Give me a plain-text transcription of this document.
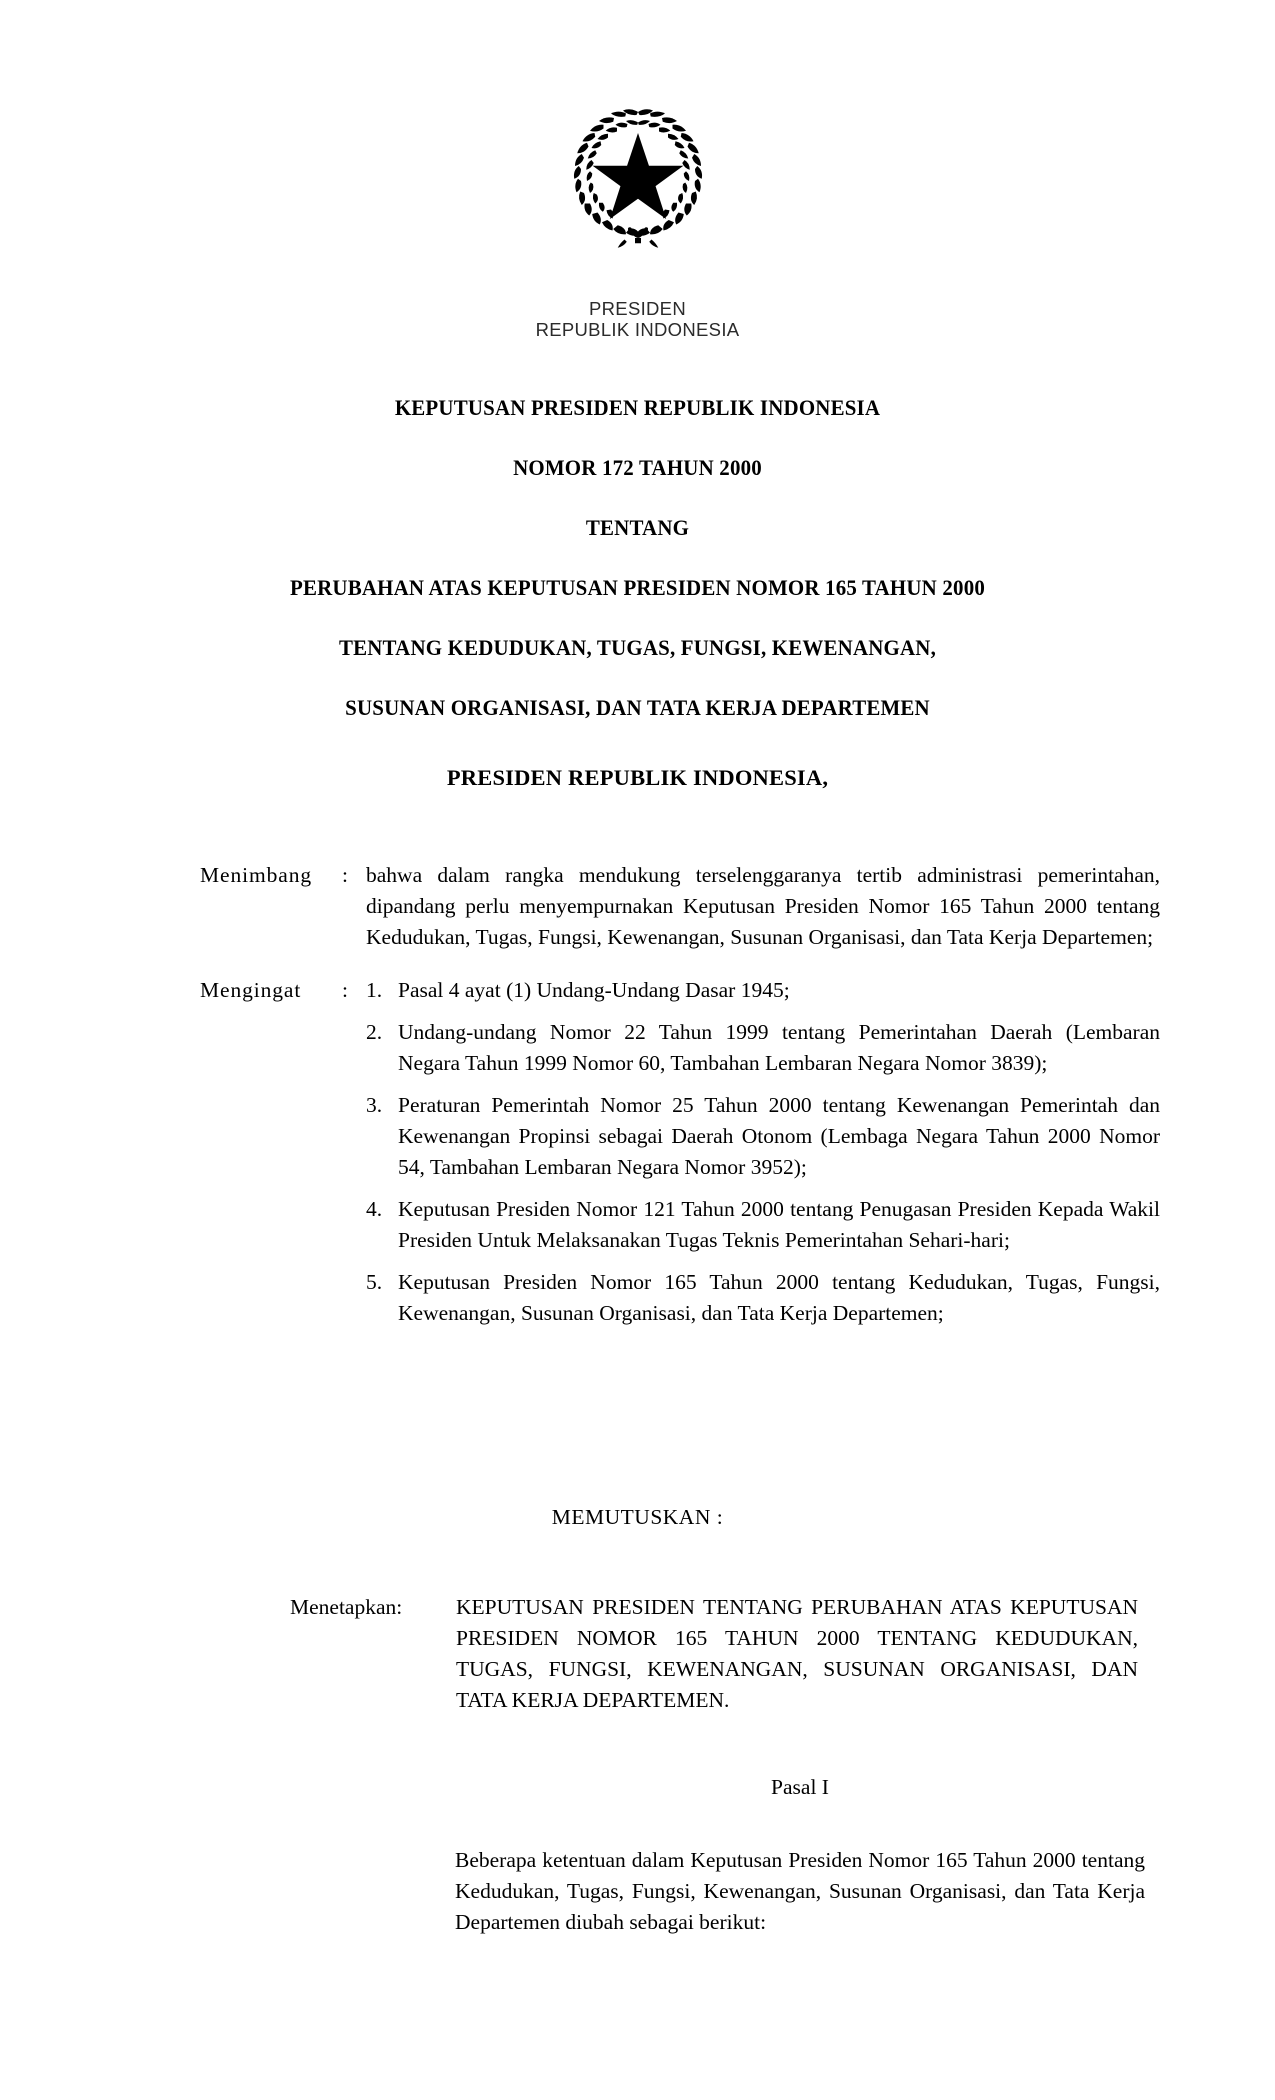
PRESIDEN
REPUBLIK INDONESIA
KEPUTUSAN PRESIDEN REPUBLIK INDONESIA
NOMOR 172 TAHUN 2000
TENTANG
PERUBAHAN ATAS KEPUTUSAN PRESIDEN NOMOR 165 TAHUN 2000
TENTANG KEDUDUKAN, TUGAS, FUNGSI, KEWENANGAN,
SUSUNAN ORGANISASI, DAN TATA KERJA DEPARTEMEN
PRESIDEN REPUBLIK INDONESIA,
Menimbang	: bahwa dalam rangka mendukung terselenggaranya tertib administrasi pemerintahan, dipandang perlu menyempurnakan Keputusan Presiden Nomor 165 Tahun 2000 tentang Kedudukan, Tugas, Fungsi, Kewenangan, Susunan Organisasi, dan Tata Kerja Departemen;

Mengingat	: 1. Pasal 4 ayat (1) Undang-Undang Dasar 1945;
2. Undang-undang Nomor 22 Tahun 1999 tentang Pemerintahan Daerah (Lembaran Negara Tahun 1999 Nomor 60, Tambahan Lembaran Negara Nomor 3839);
3. Peraturan Pemerintah Nomor 25 Tahun 2000 tentang Kewenangan Pemerintah dan Kewenangan Propinsi sebagai Daerah Otonom (Lembaga Negara Tahun 2000 Nomor 54, Tambahan Lembaran Negara Nomor 3952);
4. Keputusan Presiden Nomor 121 Tahun 2000 tentang Penugasan Presiden Kepada Wakil Presiden Untuk Melaksanakan Tugas Teknis Pemerintahan Sehari-hari;
5. Keputusan Presiden Nomor 165 Tahun 2000 tentang Kedudukan, Tugas, Fungsi, Kewenangan, Susunan Organisasi, dan Tata Kerja Departemen;
MEMUTUSKAN :
Menetapkan:	KEPUTUSAN PRESIDEN TENTANG PERUBAHAN ATAS KEPUTUSAN PRESIDEN NOMOR 165 TAHUN 2000 TENTANG KEDUDUKAN, TUGAS, FUNGSI, KEWENANGAN, SUSUNAN ORGANISASI, DAN TATA KERJA DEPARTEMEN.

Pasal I

Beberapa ketentuan dalam Keputusan Presiden Nomor 165 Tahun 2000 tentang Kedudukan, Tugas, Fungsi, Kewenangan, Susunan Organisasi, dan Tata Kerja Departemen diubah sebagai berikut:
